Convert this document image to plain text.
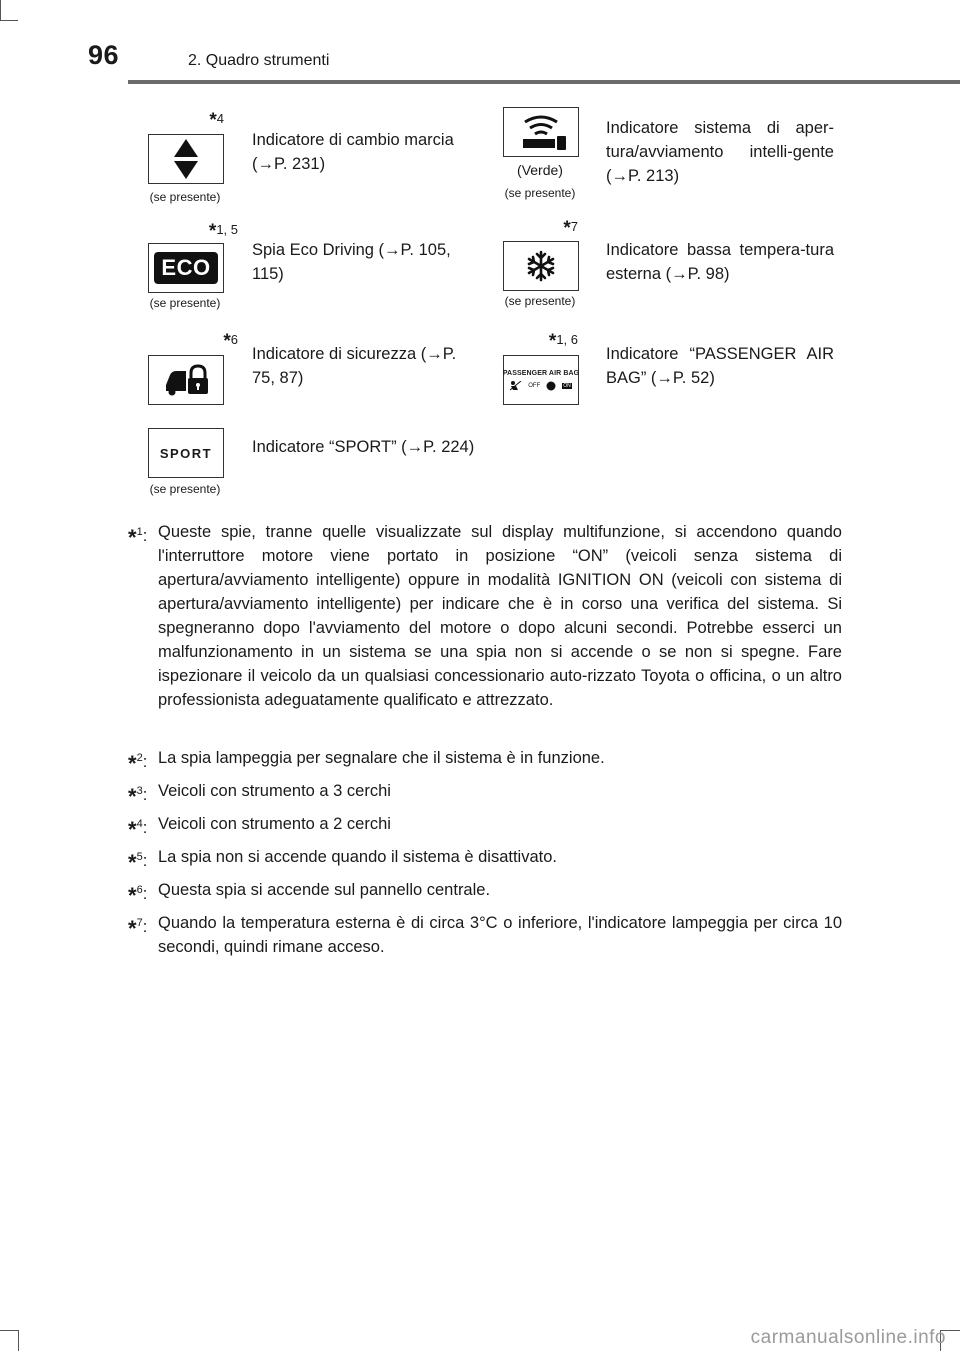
96	2. Quadro strumenti
*4
(se presente)
Indicatore di cambio marcia (→P. 231)	(Verde)
(se presente)
Indicatore sistema di aper-tura/avviamento intelli-gente (→P. 213)
*1, 5
ECO
(se presente)
Spia Eco Driving (→P. 105, 115)
*7
(se presente)
Indicatore bassa tempera-tura esterna (→P. 98)
*6
Indicatore di sicurezza (→P. 75, 87)
*1, 6
PASSENGER AIR BAG
OFF	ON
Indicatore “PASSENGER AIR BAG” (→P. 52)
SPORT
(se presente)
Indicatore “SPORT” (→P. 224)
*$^1$: Queste spie, tranne quelle visualizzate sul display multifunzione, si accendono quando l'interruttore motore viene portato in posizione “ON” (veicoli senza sistema di apertura/avviamento intelligente) oppure in modalità IGNITION ON (veicoli con sistema di apertura/avviamento intelligente) per indicare che è in corso una verifica del sistema. Si spegneranno dopo l'avviamento del motore o dopo alcuni secondi. Potrebbe esserci un malfunzionamento in un sistema se una spia non si accende o se non si spegne. Fare ispezionare il veicolo da un qualsiasi concessionario auto-rizzato Toyota o officina, o un altro professionista adeguatamente qualificato e attrezzato.
*$^2$: La spia lampeggia per segnalare che il sistema è in funzione.
*$^3$: Veicoli con strumento a 3 cerchi
*$^4$: Veicoli con strumento a 2 cerchi
*$^5$: La spia non si accende quando il sistema è disattivato.
*$^6$: Questa spia si accende sul pannello centrale.
*$^7$: Quando la temperatura esterna è di circa 3°C o inferiore, l'indicatore lampeggia per circa 10 secondi, quindi rimane acceso.
carmanualsonline.info
